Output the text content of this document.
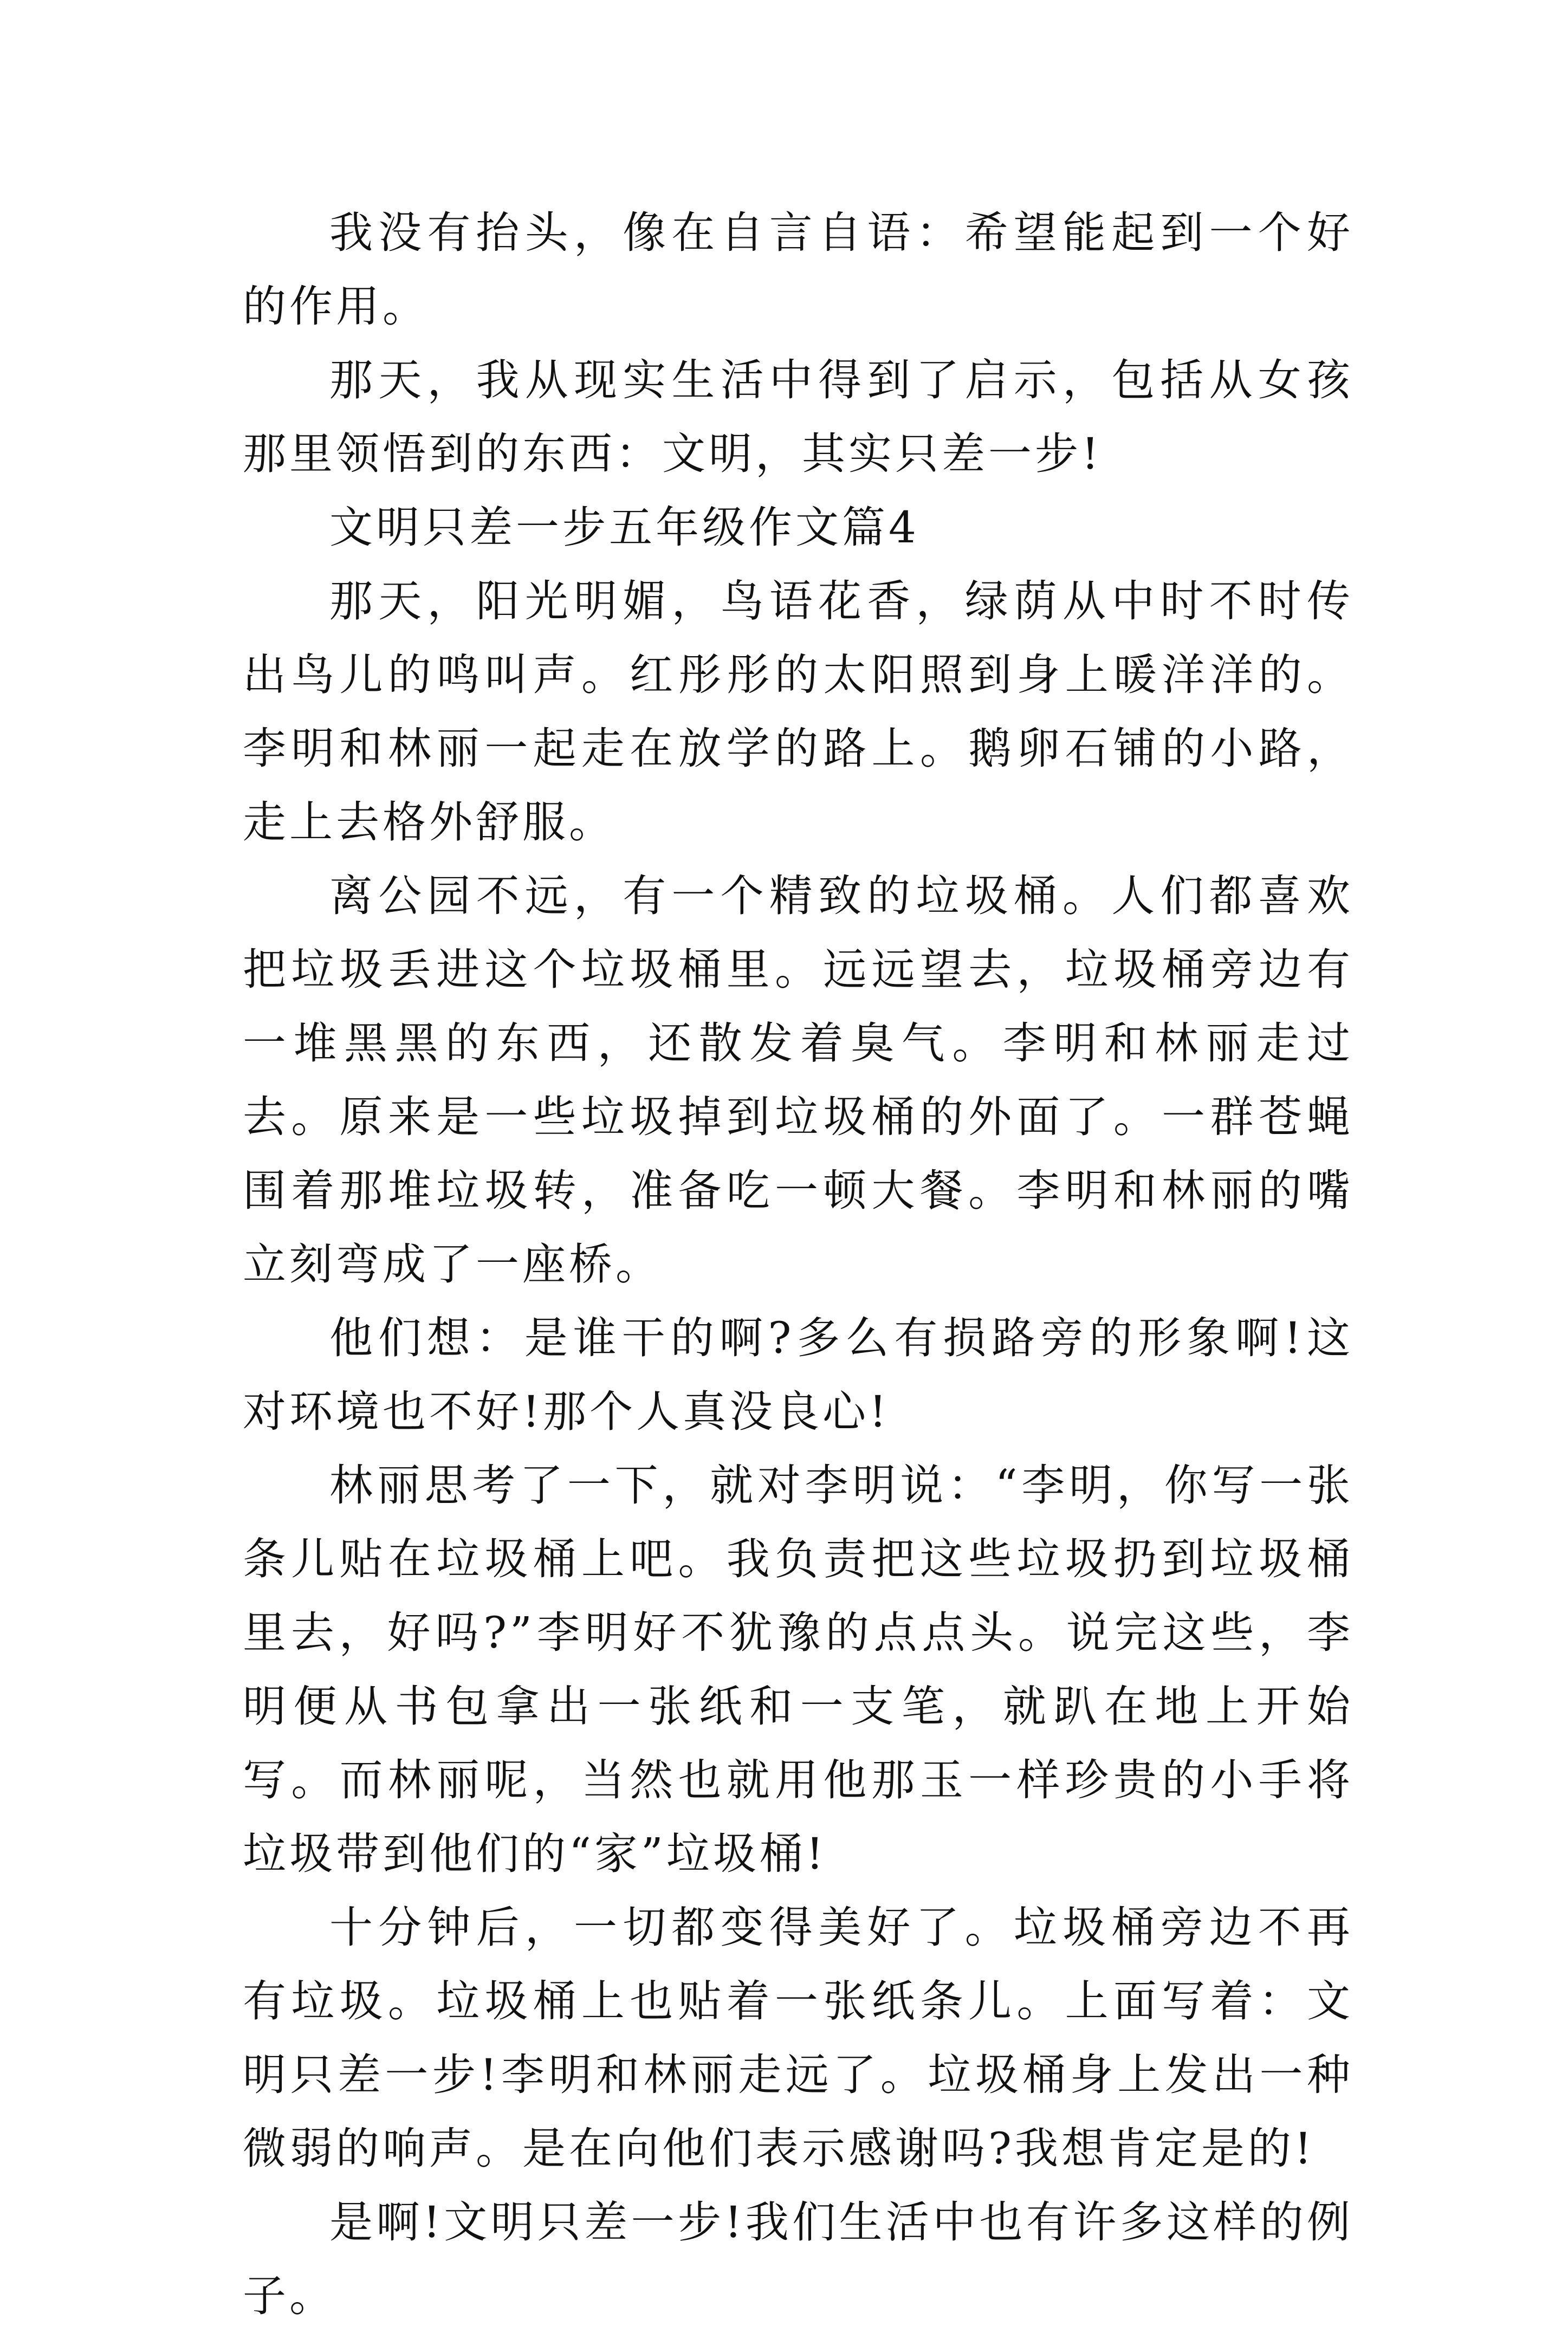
我没有抬头，像在自言自语：希望能起到一个好的作用。

那天，我从现实生活中得到了启示，包括从女孩那里领悟到的东西：文明，其实只差一步!

文明只差一步五年级作文篇4

那天，阳光明媚，鸟语花香，绿荫从中时不时传出鸟儿的鸣叫声。红彤彤的太阳照到身上暖洋洋的。李明和林丽一起走在放学的路上。鹅卵石铺的小路，走上去格外舒服。

离公园不远，有一个精致的垃圾桶。人们都喜欢把垃圾丢进这个垃圾桶里。远远望去，垃圾桶旁边有一堆黑黑的东西，还散发着臭气。李明和林丽走过去。原来是一些垃圾掉到垃圾桶的外面了。一群苍蝇围着那堆垃圾转，准备吃一顿大餐。李明和林丽的嘴立刻弯成了一座桥。

他们想：是谁干的啊?多么有损路旁的形象啊!这对环境也不好!那个人真没良心!

林丽思考了一下，就对李明说：“李明，你写一张条儿贴在垃圾桶上吧。我负责把这些垃圾扔到垃圾桶里去，好吗?”李明好不犹豫的点点头。说完这些，李明便从书包拿出一张纸和一支笔，就趴在地上开始写。而林丽呢，当然也就用他那玉一样珍贵的小手将垃圾带到他们的“家”垃圾桶!

十分钟后，一切都变得美好了。垃圾桶旁边不再有垃圾。垃圾桶上也贴着一张纸条儿。上面写着：文明只差一步!李明和林丽走远了。垃圾桶身上发出一种微弱的响声。是在向他们表示感谢吗?我想肯定是的!

是啊!文明只差一步!我们生活中也有许多这样的例子。
